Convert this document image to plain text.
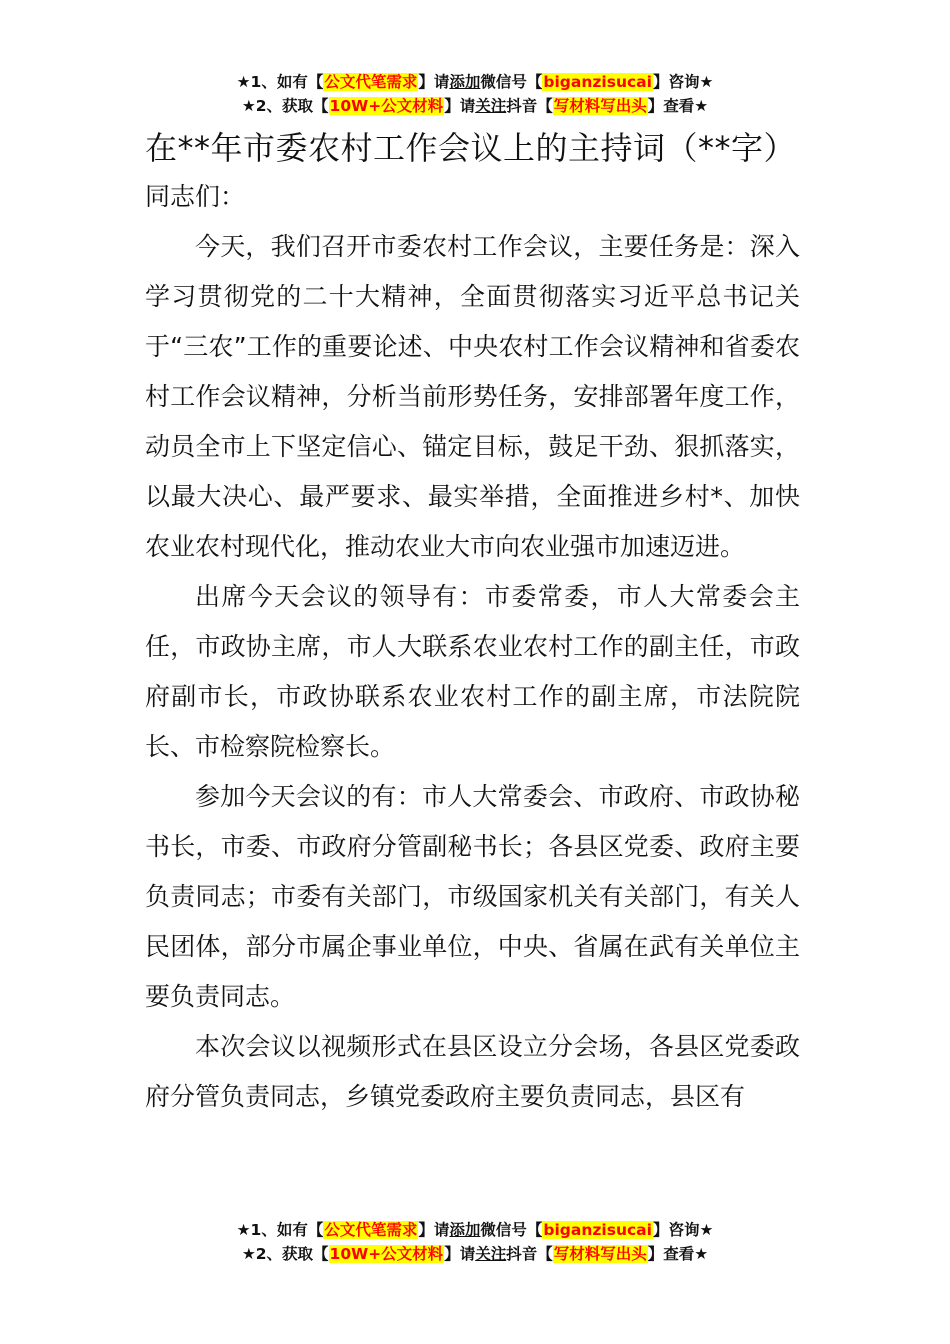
★1、如有【公文代笔需求】请添加微信号【biganzisucai】咨询★
★2、获取【10W+公文材料】请关注抖音【写材料写出头】查看★
在**年市委农村工作会议上的主持词（**字）

同志们：

今天，我们召开市委农村工作会议，主要任务是：深入学习贯彻党的二十大精神，全面贯彻落实习近平总书记关于“三农”工作的重要论述、中央农村工作会议精神和省委农村工作会议精神，分析当前形势任务，安排部署年度工作，动员全市上下坚定信心、锚定目标，鼓足干劲、狠抓落实，以最大决心、最严要求、最实举措，全面推进乡村*、加快农业农村现代化，推动农业大市向农业强市加速迈进。

出席今天会议的领导有：市委常委，市人大常委会主任，市政协主席，市人大联系农业农村工作的副主任，市政府副市长，市政协联系农业农村工作的副主席，市法院院长、市检察院检察长。

参加今天会议的有：市人大常委会、市政府、市政协秘书长，市委、市政府分管副秘书长；各县区党委、政府主要负责同志；市委有关部门，市级国家机关有关部门，有关人民团体，部分市属企事业单位，中央、省属在武有关单位主要负责同志。

本次会议以视频形式在县区设立分会场，各县区党委政府分管负责同志，乡镇党委政府主要负责同志，县区有

★1、如有【公文代笔需求】请添加微信号【biganzisucai】咨询★
★2、获取【10W+公文材料】请关注抖音【写材料写出头】查看★
